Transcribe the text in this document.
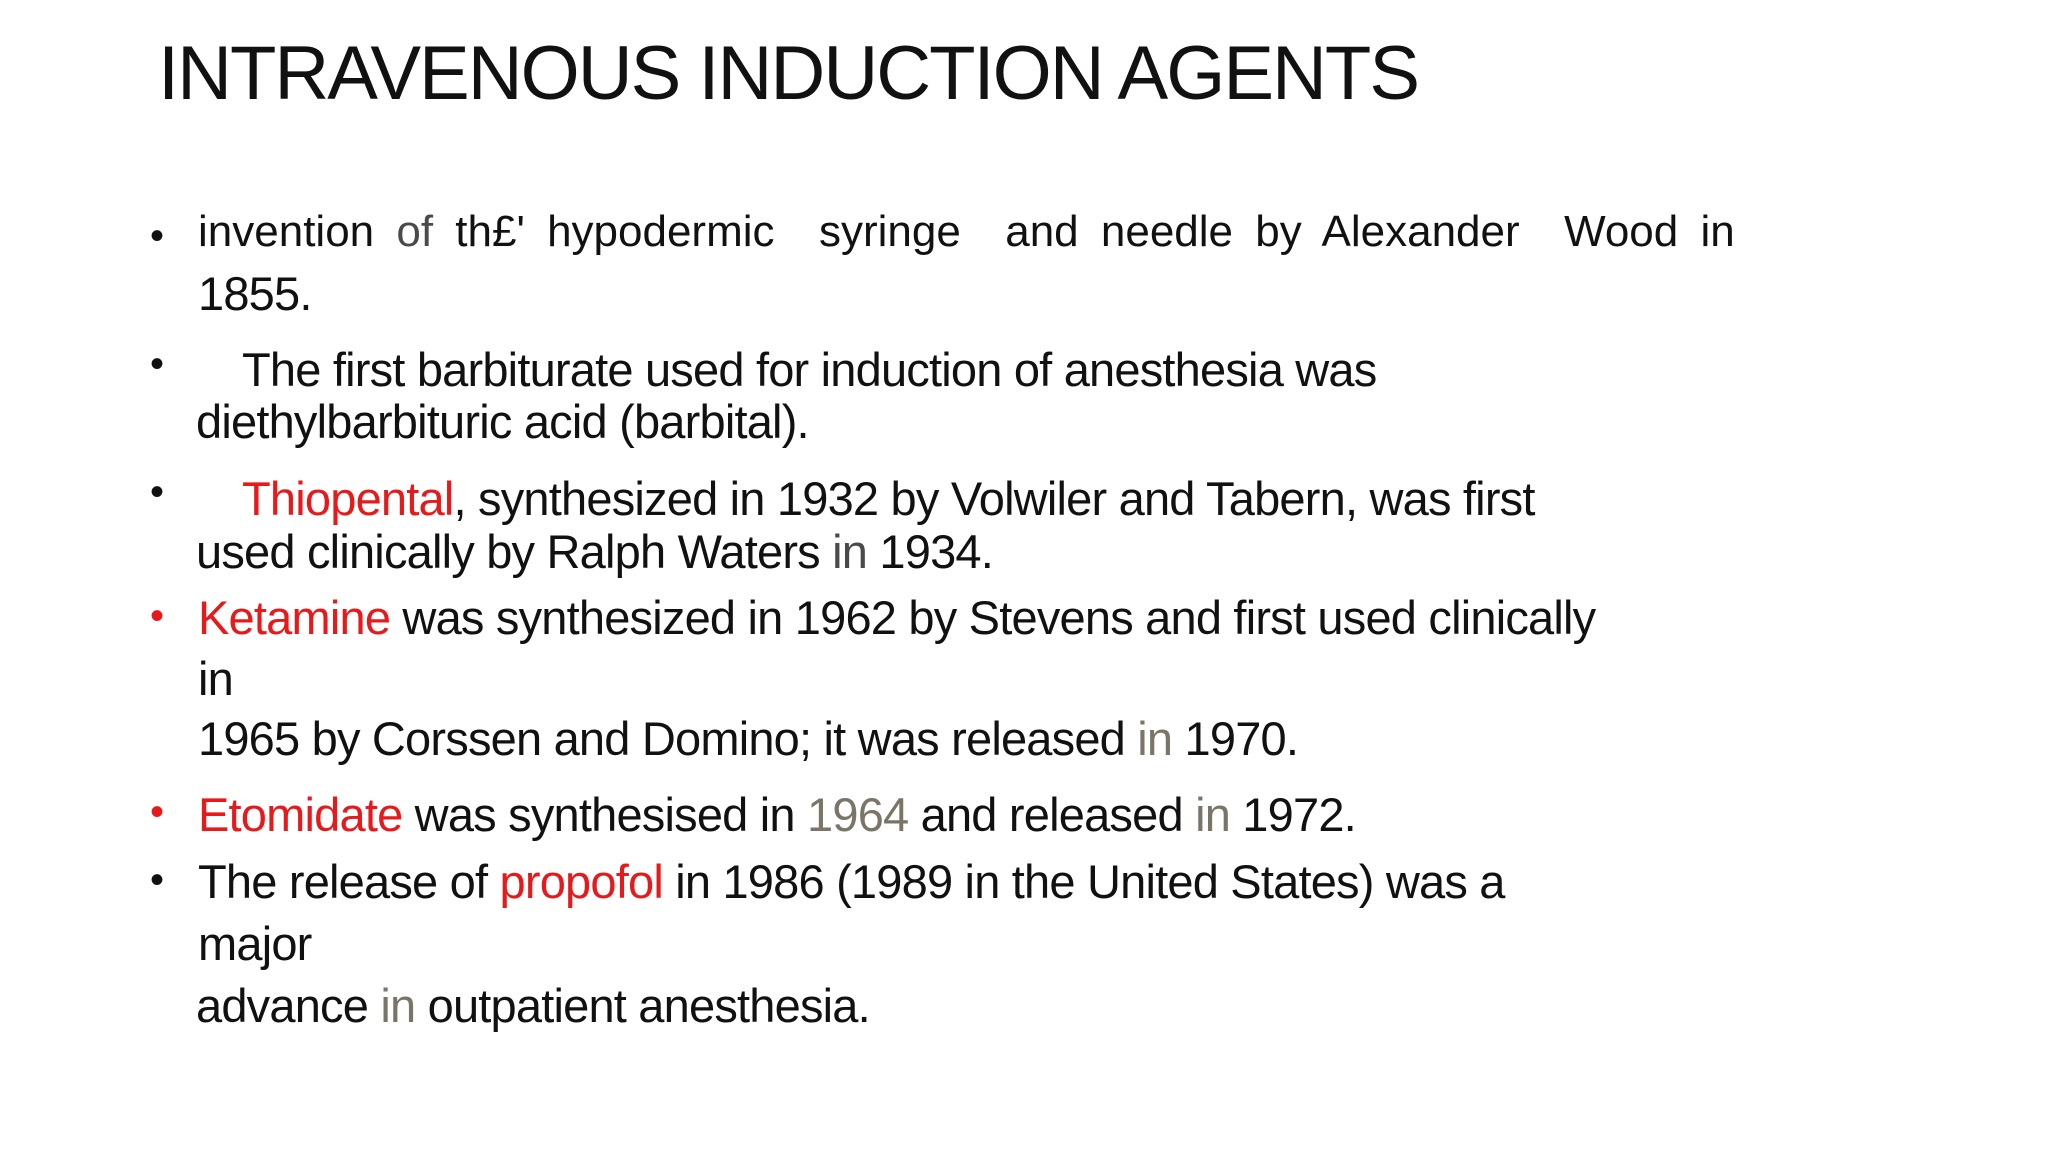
INTRAVENOUS INDUCTION AGENTS
• invention of th£' hypodermic  syringe  and needle by Alexander  Wood in
1855.
• The first barbiturate used for induction of anesthesia was
diethylbarbituric acid (barbital).
• Thiopental, synthesized in 1932 by Volwiler and Tabern, was first
used clinically by Ralph Waters in 1934.
• Ketamine was synthesized in 1962 by Stevens and first used clinically
in
1965 by Corssen and Domino; it was released in 1970.
• Etomidate was synthesised in 1964 and released in 1972.
• The release of propofol in 1986 (1989 in the United States) was a
major
advance in outpatient anesthesia.
